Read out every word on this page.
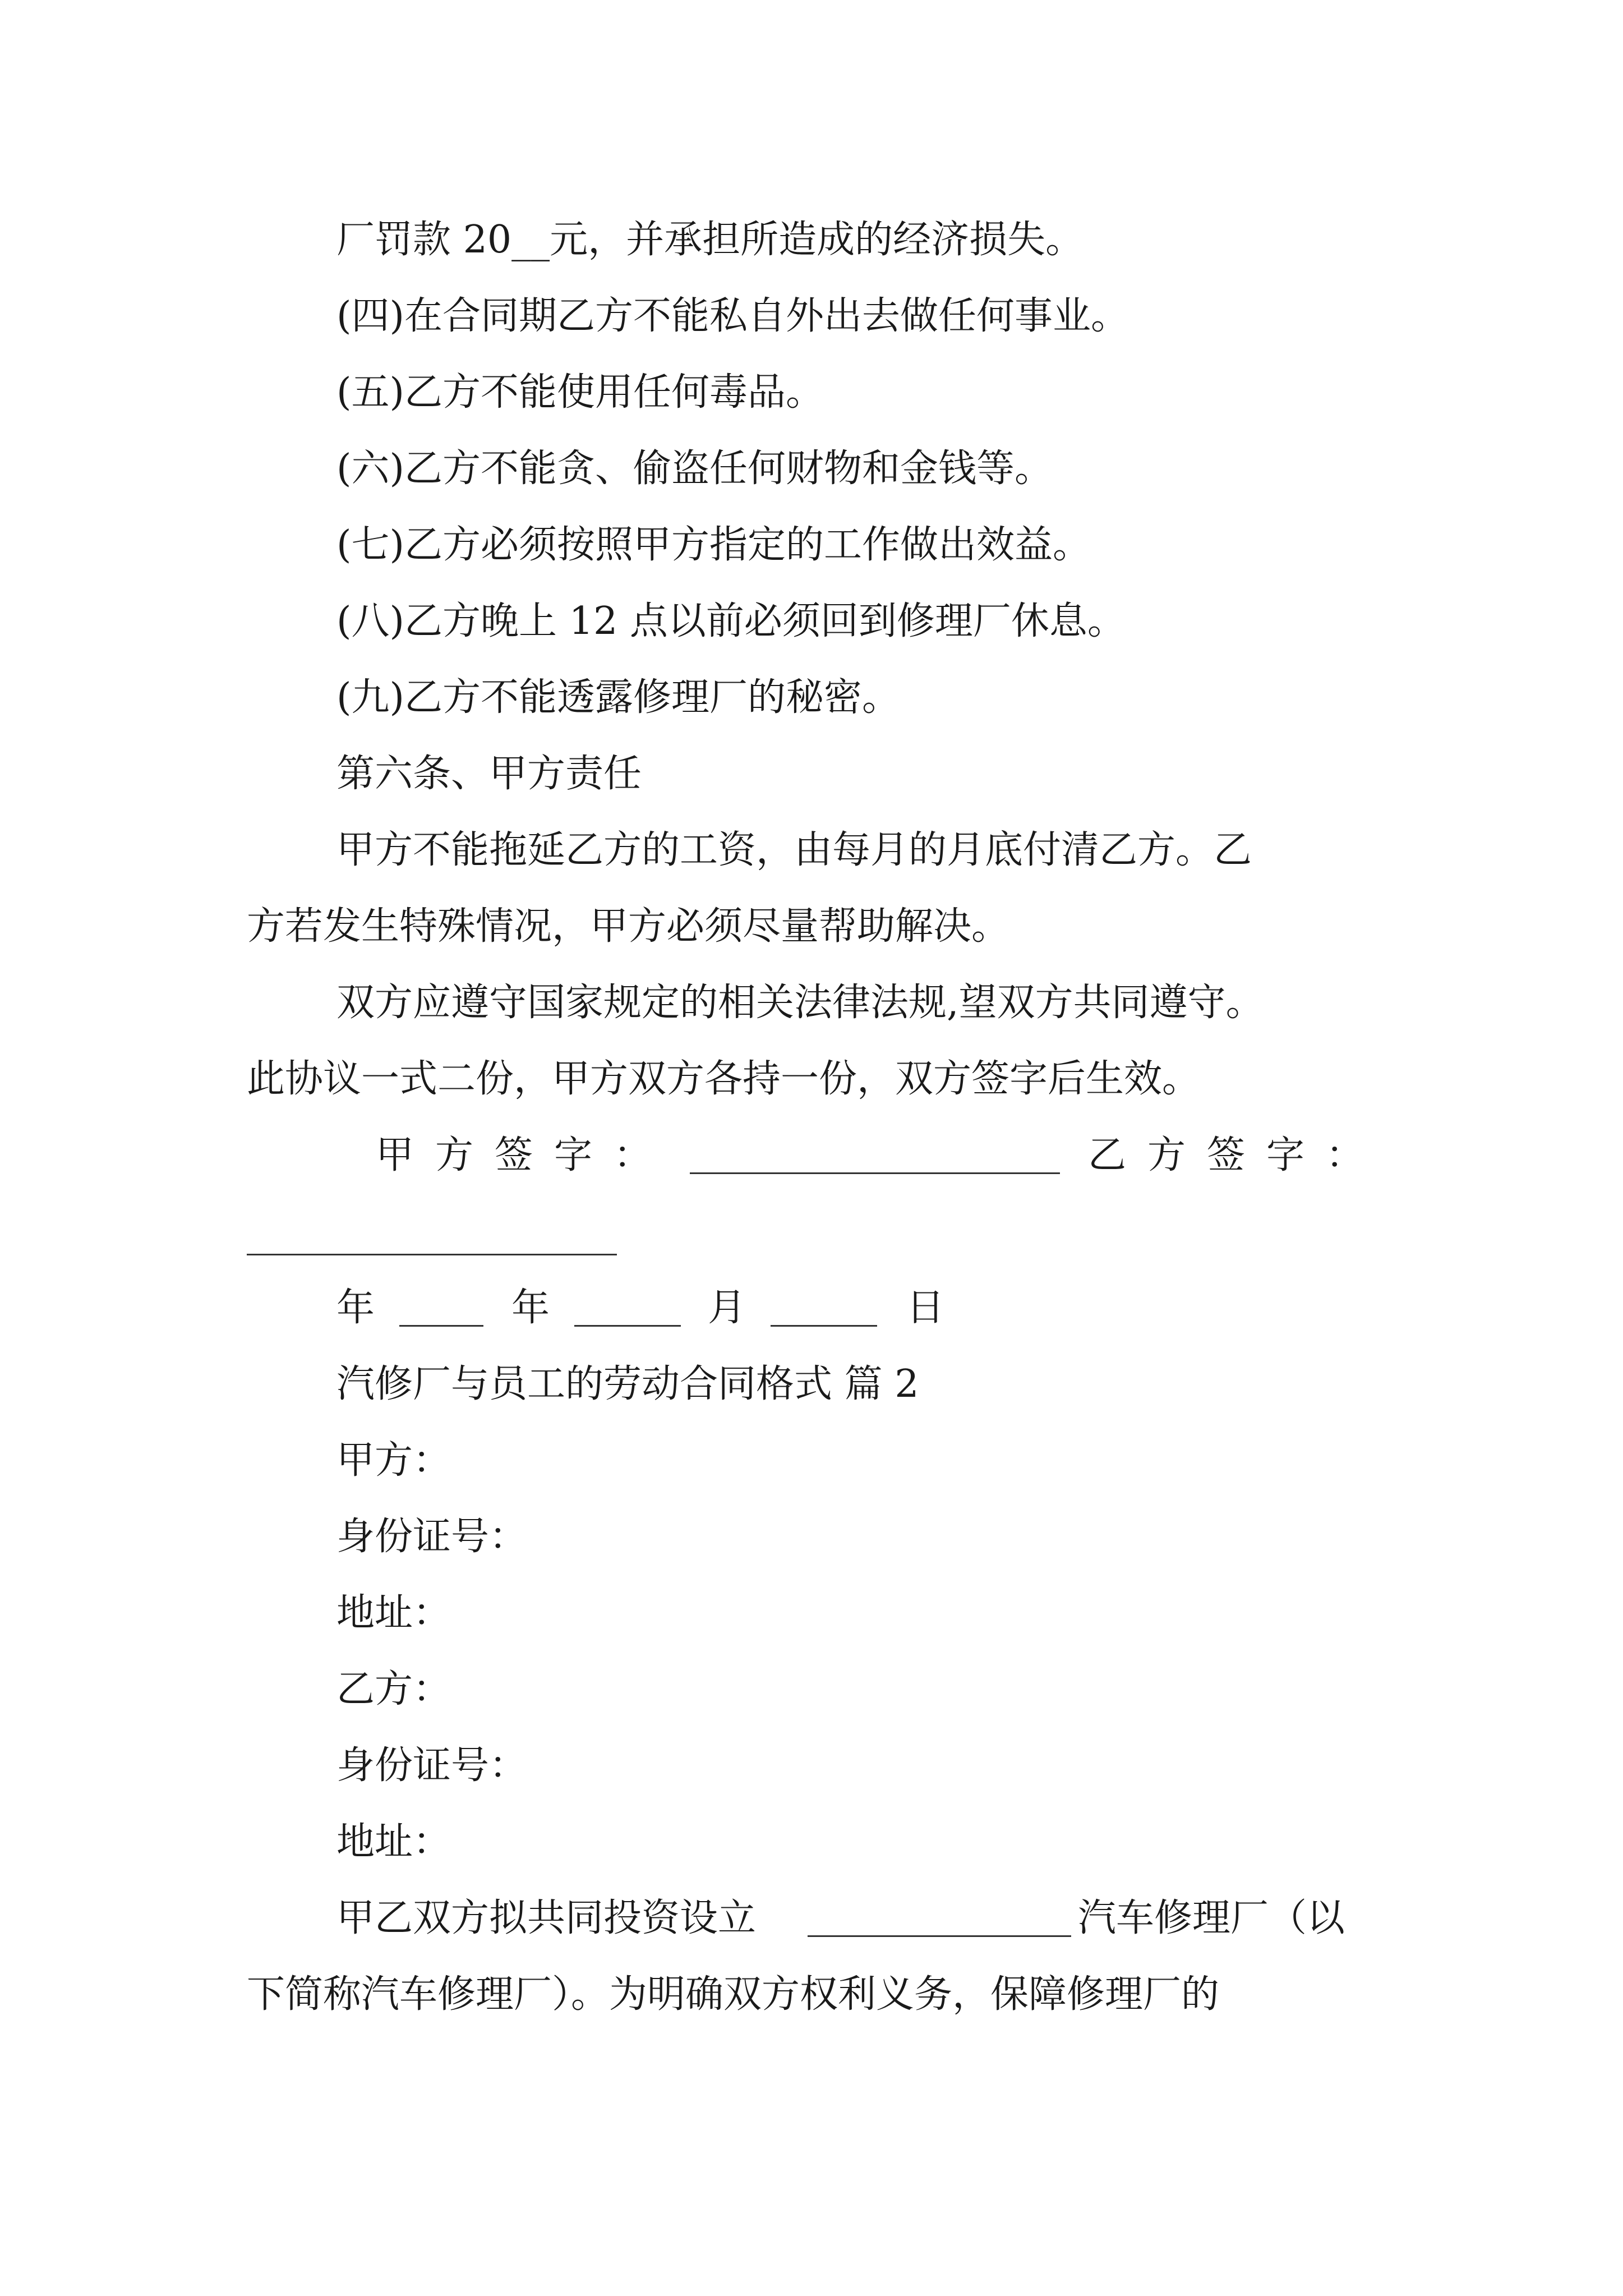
厂罚款 20__元，并承担所造成的经济损失。
(四)在合同期乙方不能私自外出去做任何事业。
(五)乙方不能使用任何毒品。
(六)乙方不能贪、偷盗任何财物和金钱等。
(七)乙方必须按照甲方指定的工作做出效益。
(八)乙方晚上 12 点以前必须回到修理厂休息。
(九)乙方不能透露修理厂的秘密。
第六条、甲方责任
甲方不能拖延乙方的工资，由每月的月底付清乙方。乙
方若发生特殊情况，甲方必须尽量帮助解决。
双方应遵守国家规定的相关法律法规,望双方共同遵守。
此协议一式二份，甲方双方各持一份，双方签字后生效。
甲方签字：	乙方签字：
年	年	月	日
汽修厂与员工的劳动合同格式 篇 2
甲方：
身份证号：
地址：
乙方：
身份证号：
地址：
甲乙双方拟共同投资设立	汽车修理厂（以
下简称汽车修理厂）。为明确双方权利义务，保障修理厂的
